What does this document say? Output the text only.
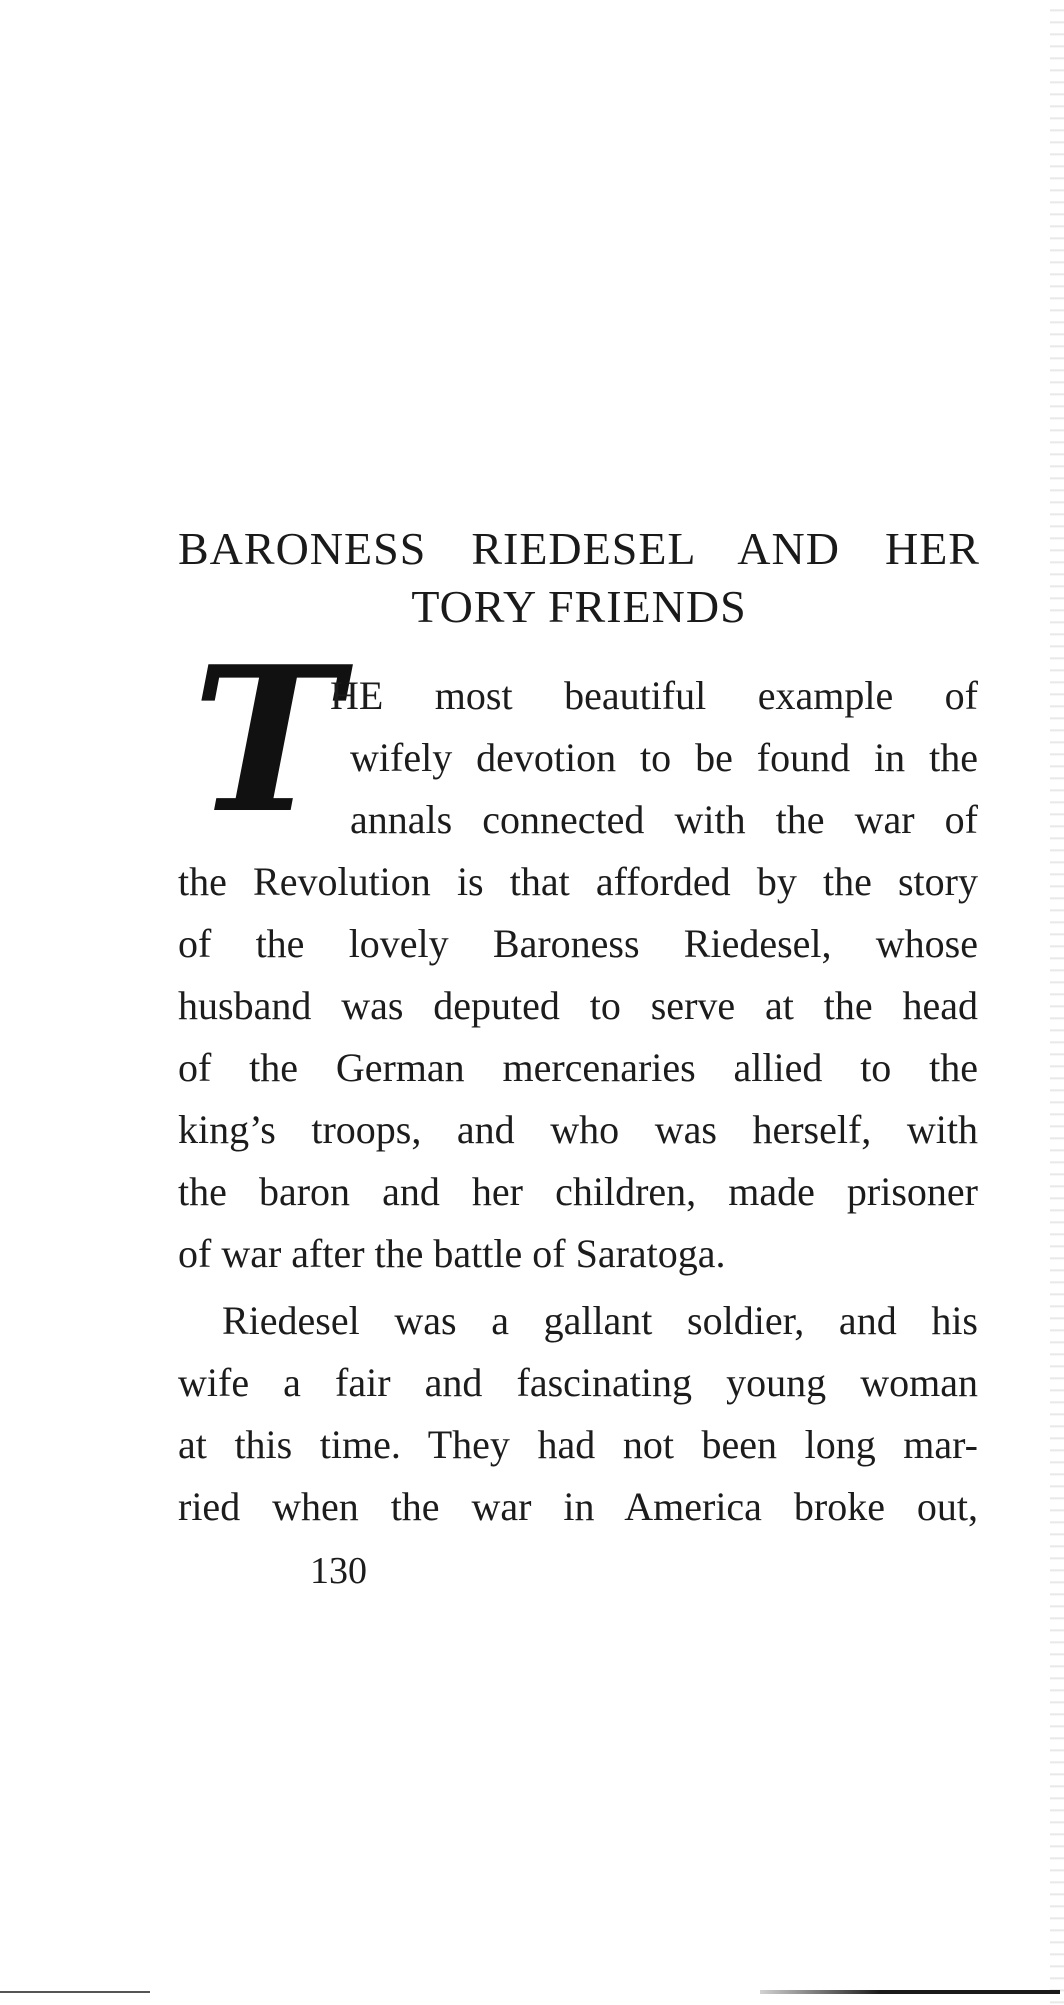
BARONESS RIEDESEL AND HER
TORY FRIENDS
T
HE most beautiful example of
wifely devotion to be found in the
annals connected with the war of
the Revolution is that afforded by the story
of the lovely Baroness Riedesel, whose
husband was deputed to serve at the head
of the German mercenaries allied to the
king’s troops, and who was herself, with
the baron and her children, made prisoner
of war after the battle of Saratoga.
Riedesel was a gallant soldier, and his
wife a fair and fascinating young woman
at this time. They had not been long mar-
ried when the war in America broke out,
130
